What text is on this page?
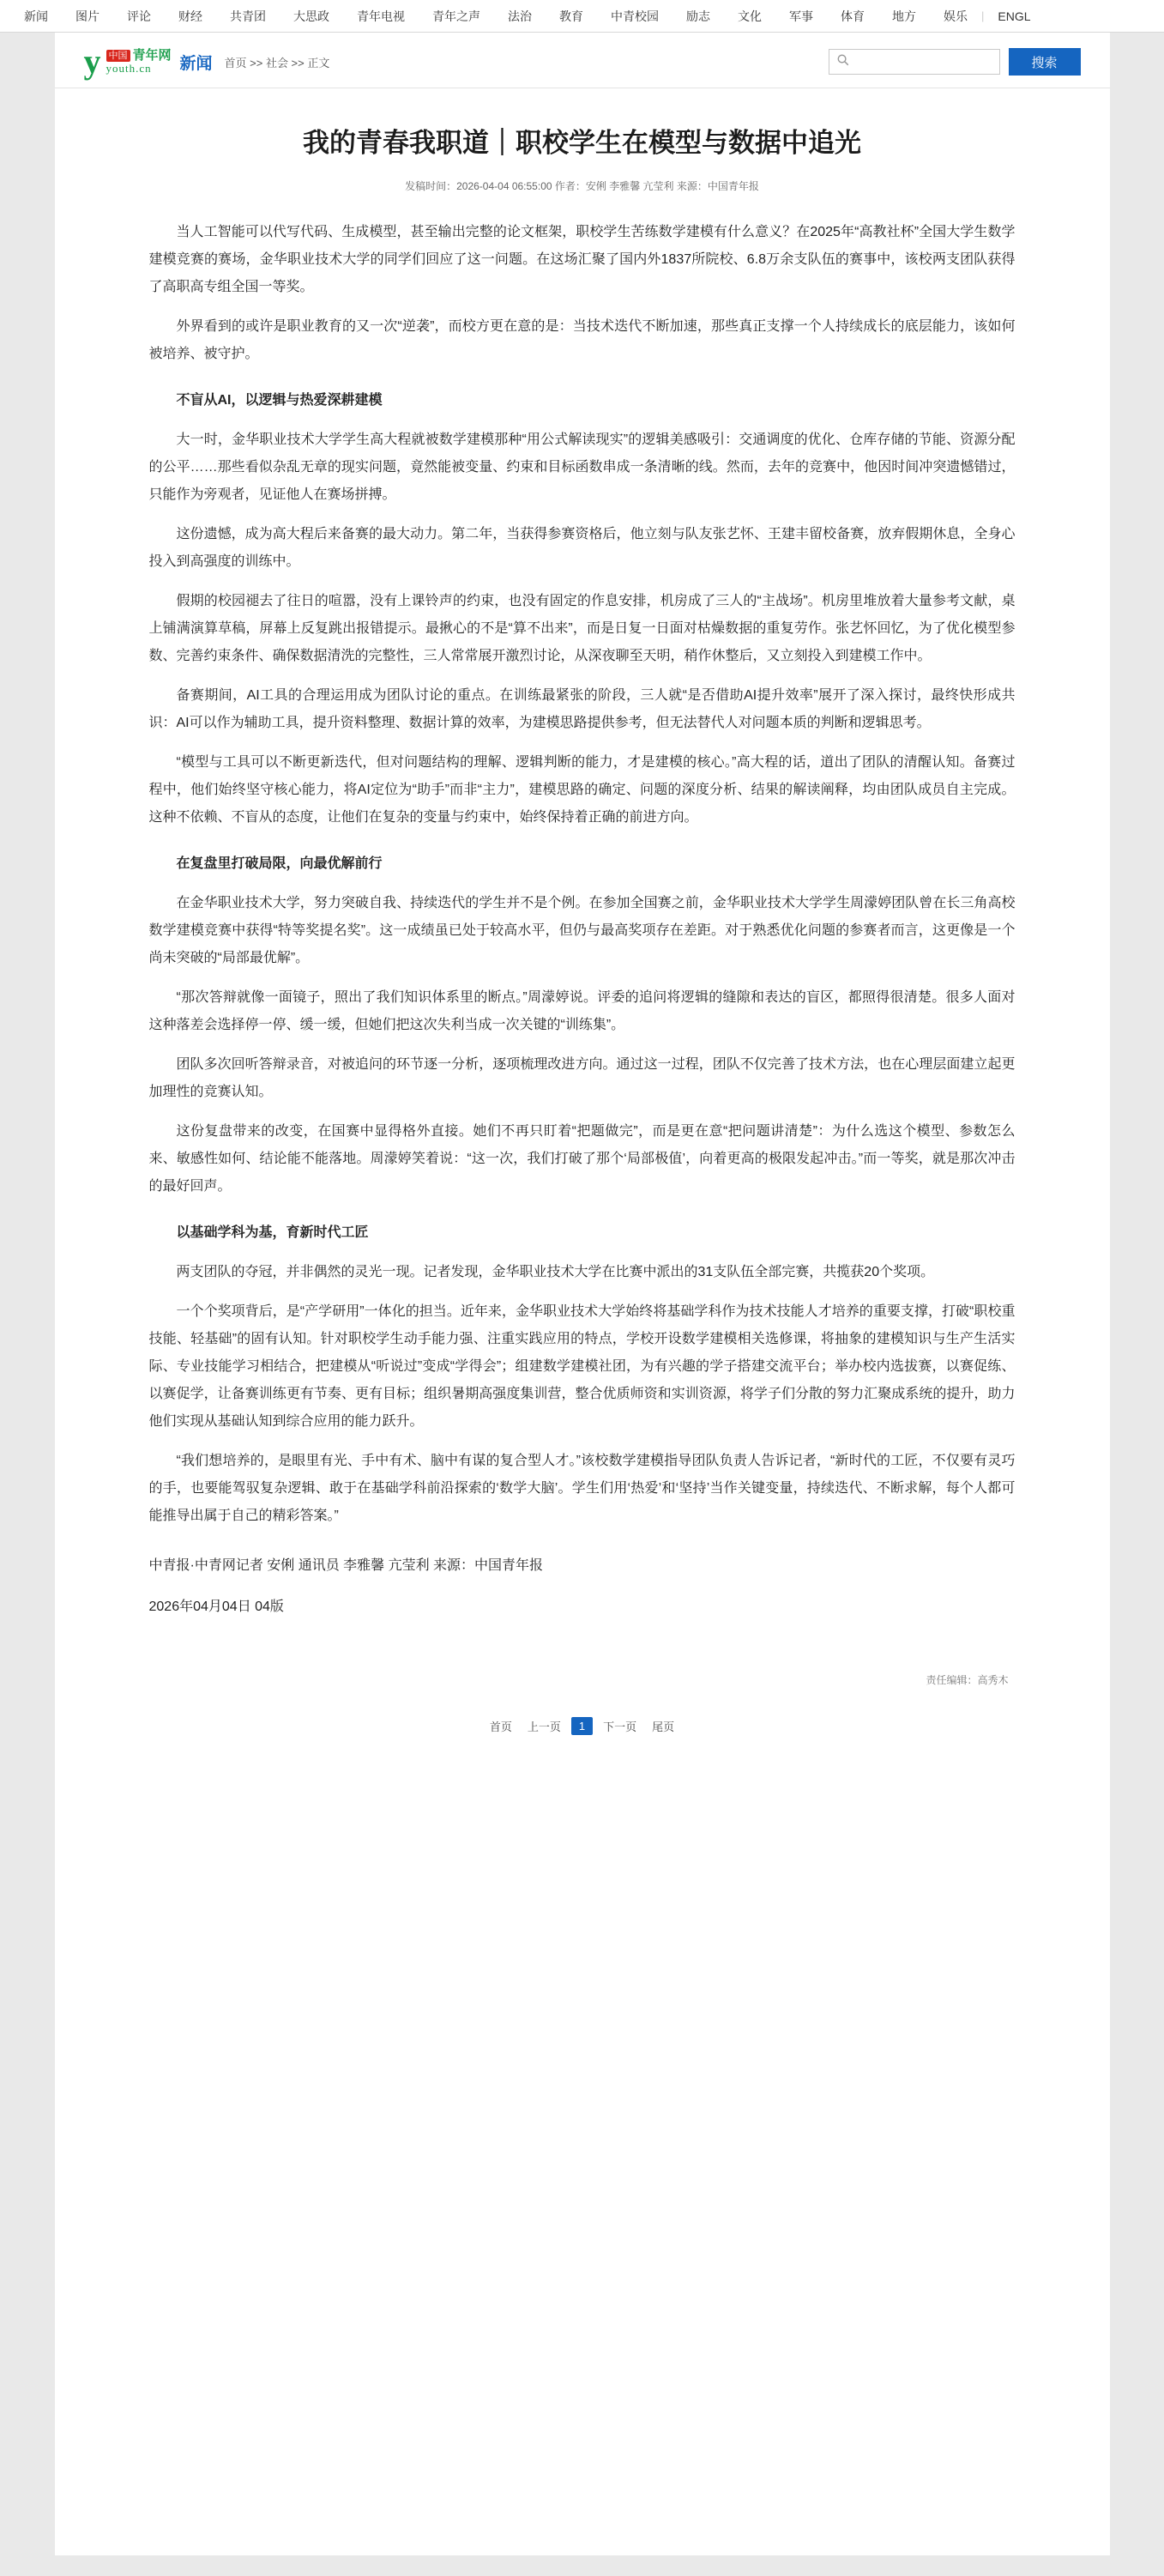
新闻	图片	评论	财经	共青团	大思政	青年电视	青年之声	法治	教育	中青校园	励志	文化	军事	体育	地方	娱乐	|	ENGL
y 中国 青年网
youth.cn	新闻 首页 >> 社会 >> 正文	搜索
我的青春我职道｜职校学生在模型与数据中追光
发稿时间：2026-04-04 06:55:00 作者：安俐 李雅馨 亢莹利 来源：中国青年报

当人工智能可以代写代码、生成模型，甚至输出完整的论文框架，职校学生苦练数学建模有什么意义？在2025年“高教社杯”全国大学生数学建模竞赛的赛场，金华职业技术大学的同学们回应了这一问题。在这场汇聚了国内外1837所院校、6.8万余支队伍的赛事中，该校两支团队获得了高职高专组全国一等奖。

外界看到的或许是职业教育的又一次“逆袭”，而校方更在意的是：当技术迭代不断加速，那些真正支撑一个人持续成长的底层能力，该如何被培养、被守护。

不盲从AI，以逻辑与热爱深耕建模

大一时，金华职业技术大学学生高大程就被数学建模那种“用公式解读现实”的逻辑美感吸引：交通调度的优化、仓库存储的节能、资源分配的公平……那些看似杂乱无章的现实问题，竟然能被变量、约束和目标函数串成一条清晰的线。然而，去年的竞赛中，他因时间冲突遗憾错过，只能作为旁观者，见证他人在赛场拼搏。

这份遗憾，成为高大程后来备赛的最大动力。第二年，当获得参赛资格后，他立刻与队友张艺怀、王建丰留校备赛，放弃假期休息，全身心投入到高强度的训练中。

假期的校园褪去了往日的喧嚣，没有上课铃声的约束，也没有固定的作息安排，机房成了三人的“主战场”。机房里堆放着大量参考文献，桌上铺满演算草稿，屏幕上反复跳出报错提示。最揪心的不是“算不出来”，而是日复一日面对枯燥数据的重复劳作。张艺怀回忆，为了优化模型参数、完善约束条件、确保数据清洗的完整性，三人常常展开激烈讨论，从深夜聊至天明，稍作休整后，又立刻投入到建模工作中。

备赛期间，AI工具的合理运用成为团队讨论的重点。在训练最紧张的阶段，三人就“是否借助AI提升效率”展开了深入探讨，最终快形成共识：AI可以作为辅助工具，提升资料整理、数据计算的效率，为建模思路提供参考，但无法替代人对问题本质的判断和逻辑思考。

“模型与工具可以不断更新迭代，但对问题结构的理解、逻辑判断的能力，才是建模的核心。”高大程的话，道出了团队的清醒认知。备赛过程中，他们始终坚守核心能力，将AI定位为“助手”而非“主力”，建模思路的确定、问题的深度分析、结果的解读阐释，均由团队成员自主完成。这种不依赖、不盲从的态度，让他们在复杂的变量与约束中，始终保持着正确的前进方向。

在复盘里打破局限，向最优解前行

在金华职业技术大学，努力突破自我、持续迭代的学生并不是个例。在参加全国赛之前，金华职业技术大学学生周濛婷团队曾在长三角高校数学建模竞赛中获得“特等奖提名奖”。这一成绩虽已处于较高水平，但仍与最高奖项存在差距。对于熟悉优化问题的参赛者而言，这更像是一个尚未突破的“局部最优解”。

“那次答辩就像一面镜子，照出了我们知识体系里的断点。”周濛婷说。评委的追问将逻辑的缝隙和表达的盲区，都照得很清楚。很多人面对这种落差会选择停一停、缓一缓，但她们把这次失利当成一次关键的“训练集”。

团队多次回听答辩录音，对被追问的环节逐一分析，逐项梳理改进方向。通过这一过程，团队不仅完善了技术方法，也在心理层面建立起更加理性的竞赛认知。

这份复盘带来的改变，在国赛中显得格外直接。她们不再只盯着“把题做完”，而是更在意“把问题讲清楚”：为什么选这个模型、参数怎么来、敏感性如何、结论能不能落地。周濛婷笑着说：“这一次，我们打破了那个‘局部极值’，向着更高的极限发起冲击。”而一等奖，就是那次冲击的最好回声。

以基础学科为基，育新时代工匠

两支团队的夺冠，并非偶然的灵光一现。记者发现，金华职业技术大学在比赛中派出的31支队伍全部完赛，共揽获20个奖项。

一个个奖项背后，是“产学研用”一体化的担当。近年来，金华职业技术大学始终将基础学科作为技术技能人才培养的重要支撑，打破“职校重技能、轻基础”的固有认知。针对职校学生动手能力强、注重实践应用的特点，学校开设数学建模相关选修课，将抽象的建模知识与生产生活实际、专业技能学习相结合，把建模从“听说过”变成“学得会”；组建数学建模社团，为有兴趣的学子搭建交流平台；举办校内选拔赛，以赛促练、以赛促学，让备赛训练更有节奏、更有目标；组织暑期高强度集训营，整合优质师资和实训资源，将学子们分散的努力汇聚成系统的提升，助力他们实现从基础认知到综合应用的能力跃升。

“我们想培养的，是眼里有光、手中有术、脑中有谋的复合型人才。”该校数学建模指导团队负责人告诉记者，“新时代的工匠，不仅要有灵巧的手，也要能驾驭复杂逻辑、敢于在基础学科前沿探索的‘数学大脑’。学生们用‘热爱’和‘坚持’当作关键变量，持续迭代、不断求解，每个人都可能推导出属于自己的精彩答案。”

中青报·中青网记者 安俐 通讯员 李雅馨 亢莹利 来源：中国青年报
2026年04月04日 04版
责任编辑：高秀木
首页	上一页	1	下一页	尾页
